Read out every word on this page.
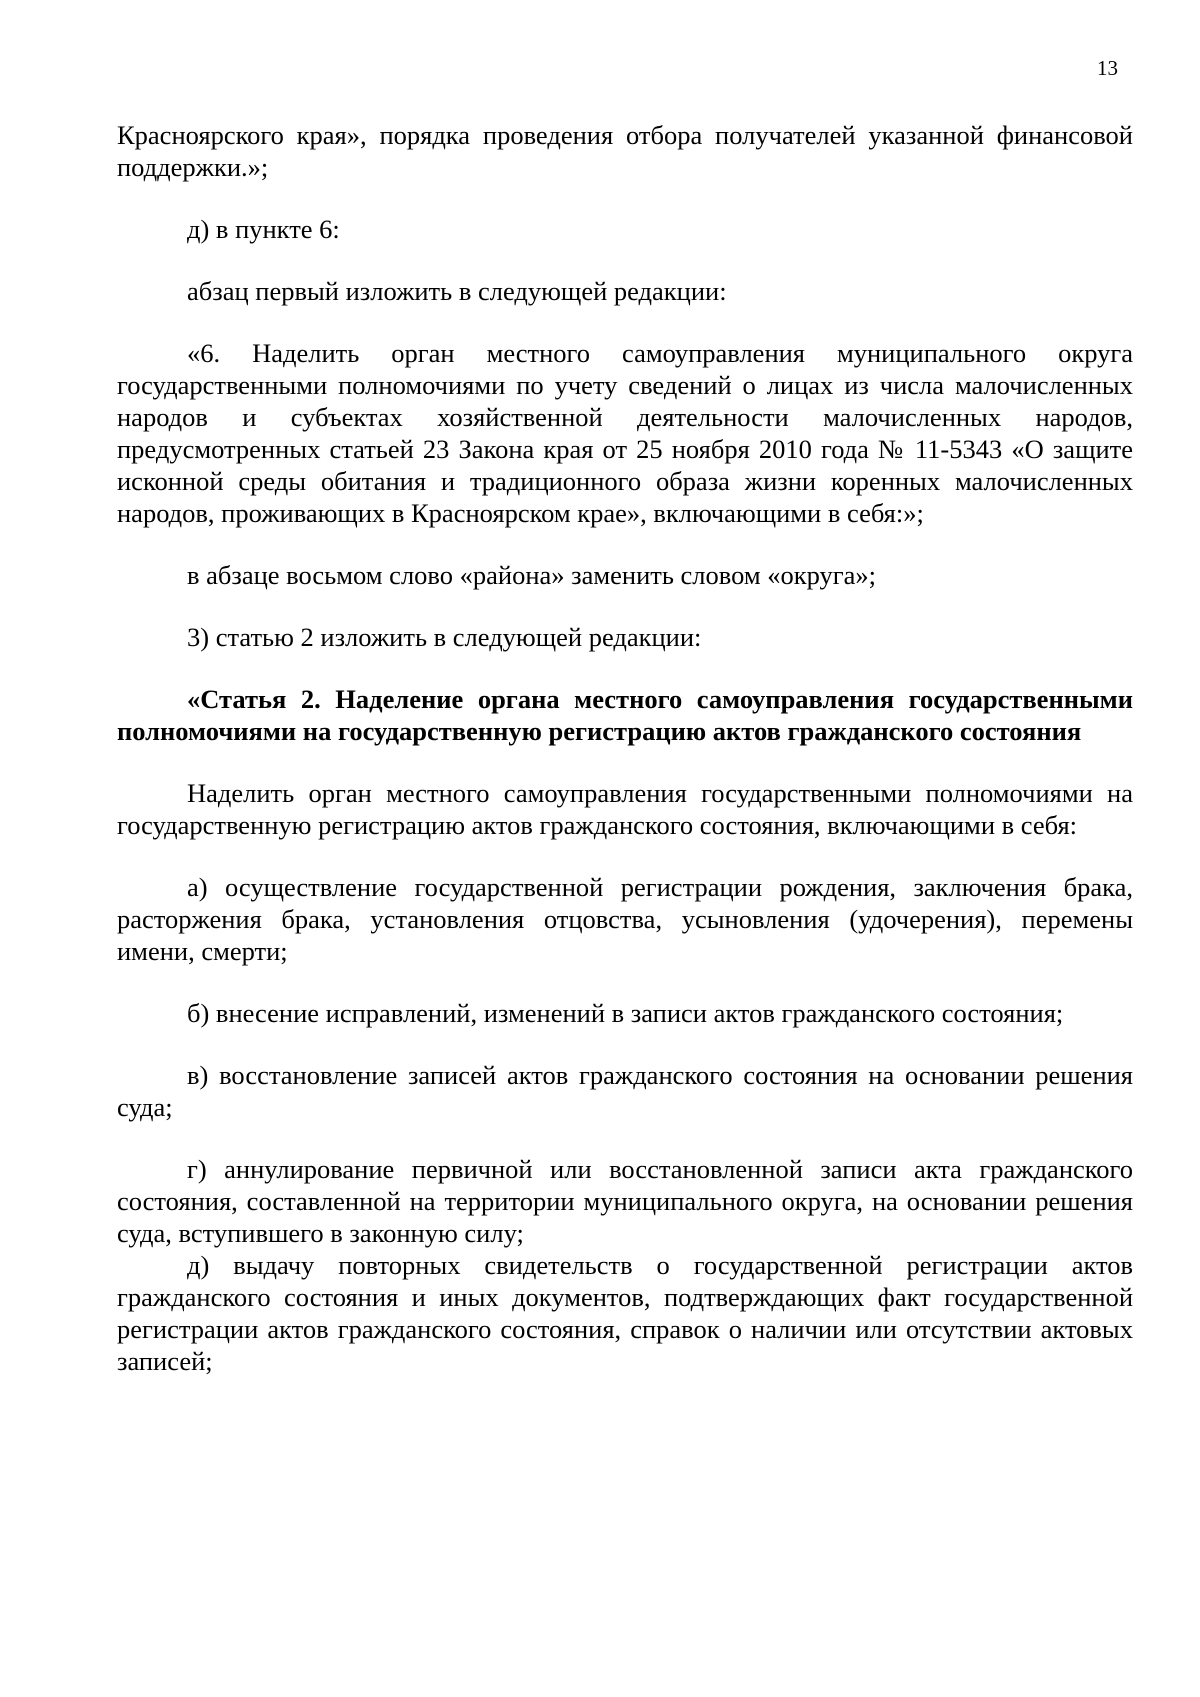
13

Красноярского края», порядка проведения отбора получателей указанной финансовой поддержки.»;

д) в пункте 6:

абзац первый изложить в следующей редакции:

«6. Наделить орган местного самоуправления муниципального округа государственными полномочиями по учету сведений о лицах из числа малочисленных народов и субъектах хозяйственной деятельности малочисленных народов, предусмотренных статьей 23 Закона края от 25 ноября 2010 года № 11-5343 «О защите исконной среды обитания и традиционного образа жизни коренных малочисленных народов, проживающих в Красноярском крае», включающими в себя:»;

в абзаце восьмом слово «района» заменить словом «округа»;

3) статью 2 изложить в следующей редакции:

«Статья 2. Наделение органа местного самоуправления государственными полномочиями на государственную регистрацию актов гражданского состояния

Наделить орган местного самоуправления государственными полномочиями на государственную регистрацию актов гражданского состояния, включающими в себя:

а) осуществление государственной регистрации рождения, заключения брака, расторжения брака, установления отцовства, усыновления (удочерения), перемены имени, смерти;

б) внесение исправлений, изменений в записи актов гражданского состояния;

в) восстановление записей актов гражданского состояния на основании решения суда;

г) аннулирование первичной или восстановленной записи акта гражданского состояния, составленной на территории муниципального округа, на основании решения суда, вступившего в законную силу;

д) выдачу повторных свидетельств о государственной регистрации актов гражданского состояния и иных документов, подтверждающих факт государственной регистрации актов гражданского состояния, справок о наличии или отсутствии актовых записей;
